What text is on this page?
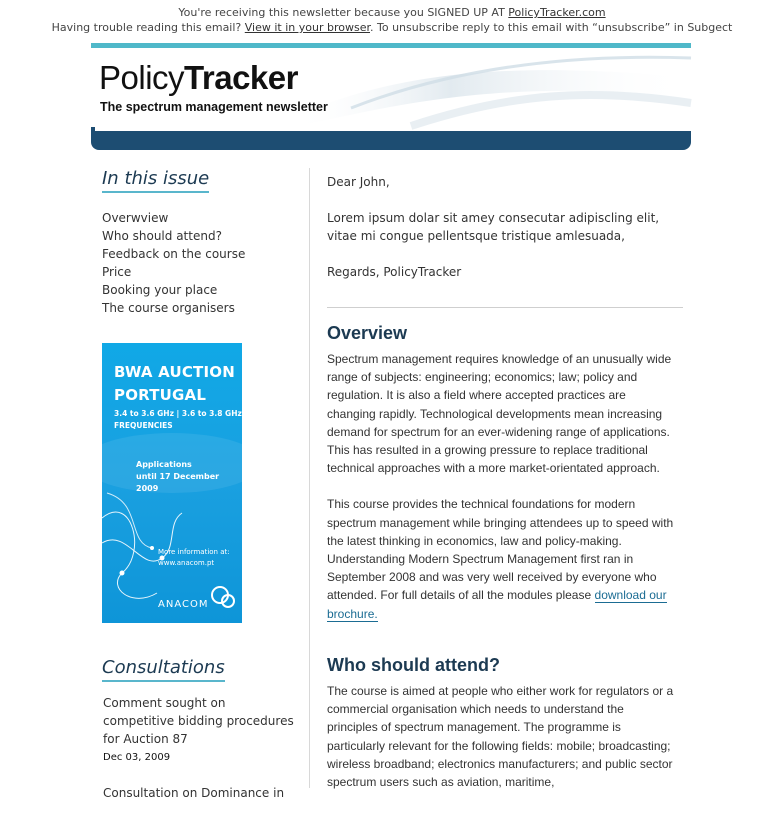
You're receiving this newsletter because you SIGNED UP AT PolicyTracker.com
Having trouble reading this email? View it in your browser. To unsubscribe reply to this email with “unsubscribe” in Subgect
PolicyTracker
The spectrum management newsletter
In this issue
Overwview
Who should attend?
Feedback on the course
Price
Booking your place
The course organisers
BWA AUCTION
PORTUGAL
3.4 to 3.6 GHz | 3.6 to 3.8 GHz
FREQUENCIES
Applications
until 17 December 2009
More information at:
www.anacom.pt
ANACOM
Consultations
Comment sought on competitive bidding procedures for Auction 87
Dec 03, 2009
Consultation on Dominance in
Dear John,
Lorem ipsum dolar sit amey consecutar adipiscling elit, vitae mi congue pellentsque tristique amlesuada,
Regards, PolicyTracker
Overview

Spectrum management requires knowledge of an unusually wide range of subjects: engineering; economics; law; policy and regulation. It is also a field where accepted practices are changing rapidly. Technological developments mean increasing demand for spectrum for an ever-widening range of applications. This has resulted in a growing pressure to replace traditional technical approaches with a more market-orientated approach.

This course provides the technical foundations for modern spectrum management while bringing attendees up to speed with the latest thinking in economics, law and policy-making. Understanding Modern Spectrum Management first ran in September 2008 and was very well received by everyone who attended. For full details of all the modules please download our brochure.

Who should attend?

The course is aimed at people who either work for regulators or a commercial organisation which needs to understand the principles of spectrum management. The programme is particularly relevant for the following fields: mobile; broadcasting; wireless broadband; electronics manufacturers; and public sector spectrum users such as aviation, maritime,
